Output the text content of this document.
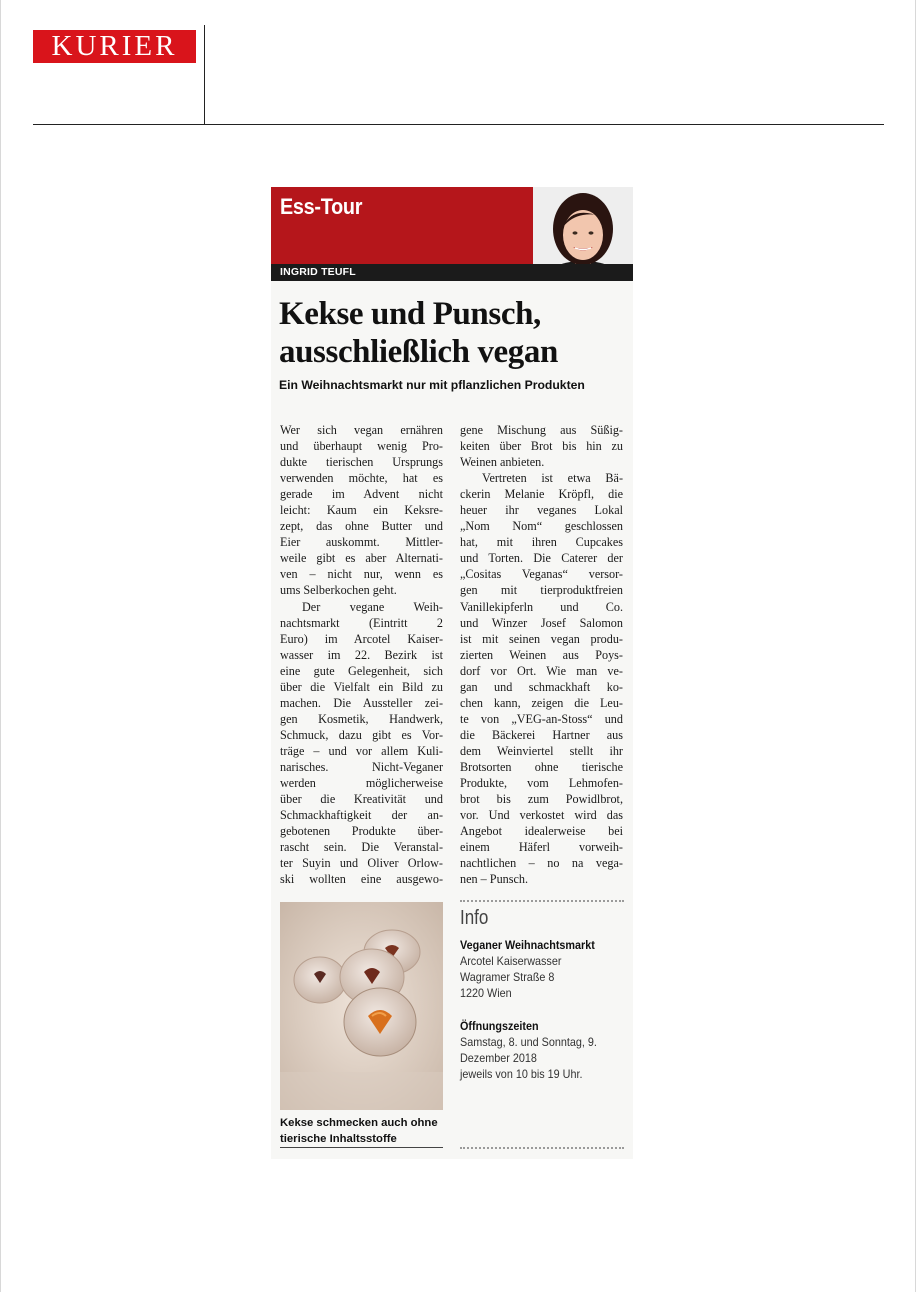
KURIER
Ess-Tour
INGRID TEUFL
Kekse und Punsch,
ausschließlich vegan
Ein Weihnachtsmarkt nur mit pflanzlichen Produkten
Wer sich vegan ernähren
und überhaupt wenig Pro-
dukte tierischen Ursprungs
verwenden möchte, hat es
gerade im Advent nicht
leicht: Kaum ein Keksre-
zept, das ohne Butter und
Eier auskommt. Mittler-
weile gibt es aber Alternati-
ven – nicht nur, wenn es
ums Selberkochen geht.
Der vegane Weih-
nachtsmarkt (Eintritt 2
Euro) im Arcotel Kaiser-
wasser im 22. Bezirk ist
eine gute Gelegenheit, sich
über die Vielfalt ein Bild zu
machen. Die Aussteller zei-
gen Kosmetik, Handwerk,
Schmuck, dazu gibt es Vor-
träge – und vor allem Kuli-
narisches. Nicht-Veganer
werden möglicherweise
über die Kreativität und
Schmackhaftigkeit der an-
gebotenen Produkte über-
rascht sein. Die Veranstal-
ter Suyin und Oliver Orlow-
ski wollten eine ausgewo-
gene Mischung aus Süßig-
keiten über Brot bis hin zu
Weinen anbieten.
Vertreten ist etwa Bä-
ckerin Melanie Kröpfl, die
heuer ihr veganes Lokal
„Nom Nom“ geschlossen
hat, mit ihren Cupcakes
und Torten. Die Caterer der
„Cositas Veganas“ versor-
gen mit tierproduktfreien
Vanillekipferln und Co.
und Winzer Josef Salomon
ist mit seinen vegan produ-
zierten Weinen aus Poys-
dorf vor Ort. Wie man ve-
gan und schmackhaft ko-
chen kann, zeigen die Leu-
te von „VEG-an-Stoss“ und
die Bäckerei Hartner aus
dem Weinviertel stellt ihr
Brotsorten ohne tierische
Produkte, vom Lehmofen-
brot bis zum Powidlbrot,
vor. Und verkostet wird das
Angebot idealerweise bei
einem Häferl vorweih-
nachtlichen – no na vega-
nen – Punsch.
Kekse schmecken auch ohne
tierische Inhaltsstoffe
Info
Veganer Weihnachtsmarkt
Arcotel Kaiserwasser
Wagramer Straße 8
1220 Wien
Öffnungszeiten
Samstag, 8. und Sonntag, 9.
Dezember 2018
jeweils von 10 bis 19 Uhr.
